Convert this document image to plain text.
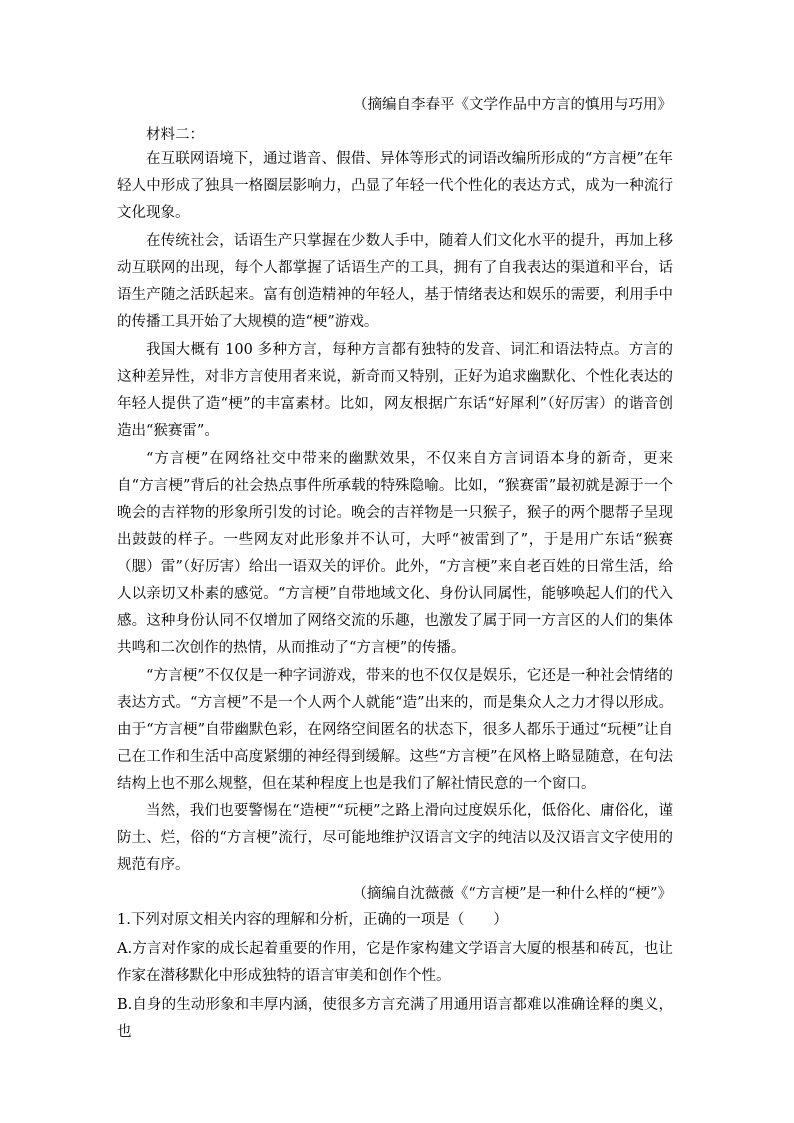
（摘编自李春平《文学作品中方言的慎用与巧用》
材料二：

在互联网语境下，通过谐音、假借、异体等形式的词语改编所形成的“方言梗”在年轻人中形成了独具一格圈层影响力，凸显了年轻一代个性化的表达方式，成为一种流行文化现象。

在传统社会，话语生产只掌握在少数人手中，随着人们文化水平的提升，再加上移动互联网的出现，每个人都掌握了话语生产的工具，拥有了自我表达的渠道和平台，话语生产随之活跃起来。富有创造精神的年轻人，基于情绪表达和娱乐的需要，利用手中的传播工具开始了大规模的造“梗”游戏。

我国大概有 100 多种方言，每种方言都有独特的发音、词汇和语法特点。方言的这种差异性，对非方言使用者来说，新奇而又特别，正好为追求幽默化、个性化表达的年轻人提供了造“梗”的丰富素材。比如，网友根据广东话“好犀利”（好厉害）的谐音创造出“猴赛雷”。

“方言梗”在网络社交中带来的幽默效果，不仅来自方言词语本身的新奇，更来自“方言梗”背后的社会热点事件所承载的特殊隐喻。比如，“猴赛雷”最初就是源于一个晚会的吉祥物的形象所引发的讨论。晚会的吉祥物是一只猴子，猴子的两个腮帮子呈现出鼓鼓的样子。一些网友对此形象并不认可，大呼“被雷到了”，于是用广东话“猴赛（腮）雷”（好厉害）给出一语双关的评价。此外，“方言梗”来自老百姓的日常生活，给人以亲切又朴素的感觉。“方言梗”自带地域文化、身份认同属性，能够唤起人们的代入感。这种身份认同不仅增加了网络交流的乐趣，也激发了属于同一方言区的人们的集体共鸣和二次创作的热情，从而推动了“方言梗”的传播。

“方言梗”不仅仅是一种字词游戏，带来的也不仅仅是娱乐，它还是一种社会情绪的表达方式。“方言梗”不是一个人两个人就能“造”出来的，而是集众人之力才得以形成。由于“方言梗”自带幽默色彩，在网络空间匿名的状态下，很多人都乐于通过“玩梗”让自己在工作和生活中高度紧绷的神经得到缓解。这些“方言梗”在风格上略显随意，在句法结构上也不那么规整，但在某种程度上也是我们了解社情民意的一个窗口。

当然，我们也要警惕在“造梗”“玩梗”之路上滑向过度娱乐化，低俗化、庸俗化，谨防土、烂，俗的“方言梗”流行，尽可能地维护汉语言文字的纯洁以及汉语言文字使用的规范有序。

（摘编自沈薇薇《“方言梗”是一种什么样的“梗”》

1.下列对原文相关内容的理解和分析，正确的一项是（　　）

A.方言对作家的成长起着重要的作用，它是作家构建文学语言大厦的根基和砖瓦，也让作家在潜移默化中形成独特的语言审美和创作个性。

B.自身的生动形象和丰厚内涵，使很多方言充满了用通用语言都难以准确诠释的奥义，也
